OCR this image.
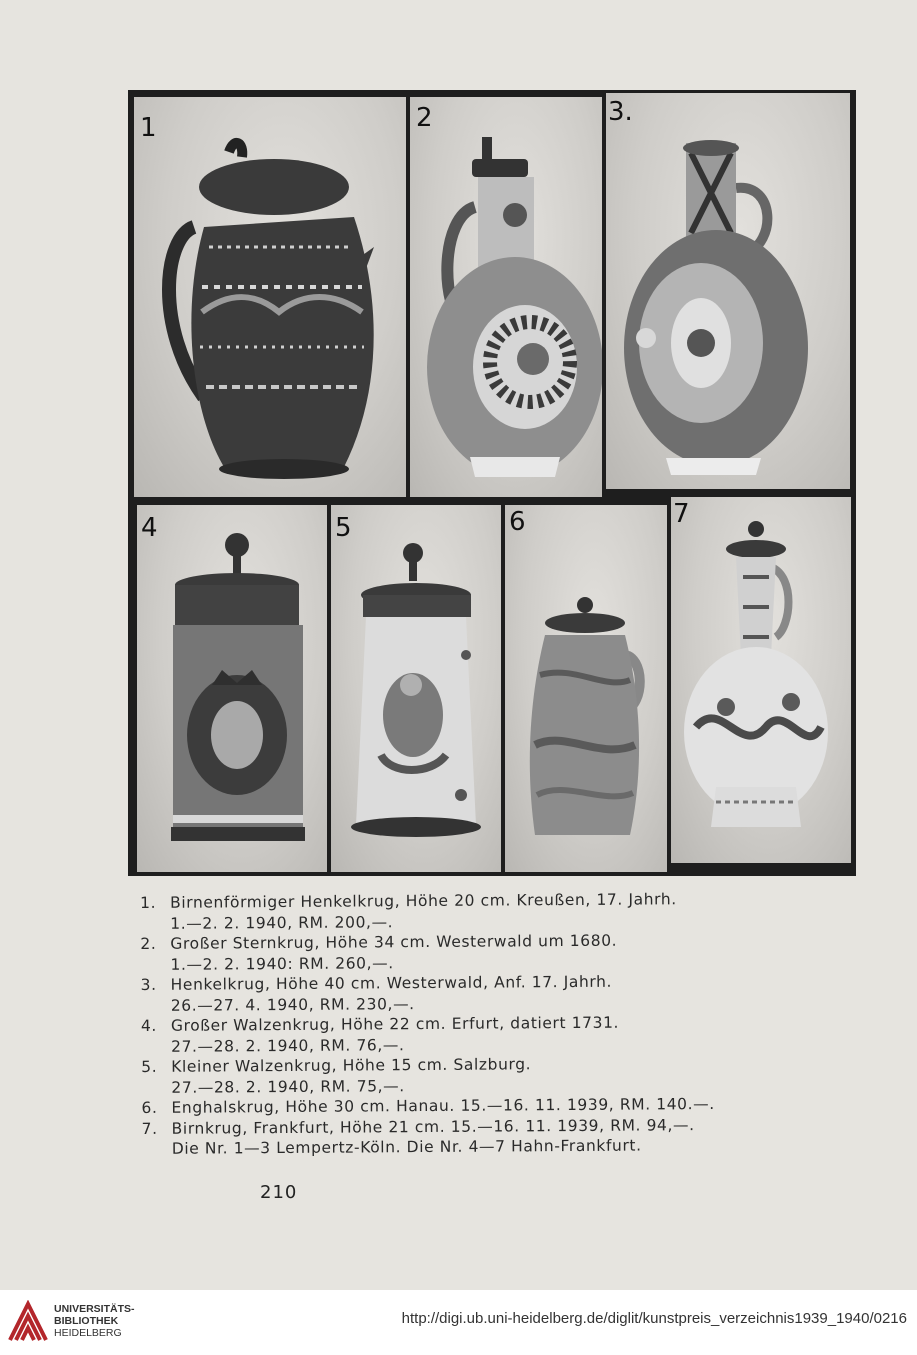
1	2	3.
4	5	6	7
1. Birnenförmiger Henkelkrug, Höhe 20 cm. Kreußen, 17. Jahrh.
1.—2. 2. 1940, RM. 200,—.
2. Großer Sternkrug, Höhe 34 cm. Westerwald um 1680.
1.—2. 2. 1940: RM. 260,—.
3. Henkelkrug, Höhe 40 cm. Westerwald, Anf. 17. Jahrh.
26.—27. 4. 1940, RM. 230,—.
4. Großer Walzenkrug, Höhe 22 cm. Erfurt, datiert 1731.
27.—28. 2. 1940, RM. 76,—.
5. Kleiner Walzenkrug, Höhe 15 cm. Salzburg.
27.—28. 2. 1940, RM. 75,—.
6. Enghalskrug, Höhe 30 cm. Hanau. 15.—16. 11. 1939, RM. 140.—.
7. Birnkrug, Frankfurt, Höhe 21 cm. 15.—16. 11. 1939, RM. 94,—.
Die Nr. 1—3 Lempertz-Köln. Die Nr. 4—7 Hahn-Frankfurt.
210
UNIVERSITÄTS-
BIBLIOTHEK
HEIDELBERG
http://digi.ub.uni-heidelberg.de/diglit/kunstpreis_verzeichnis1939_1940/0216
